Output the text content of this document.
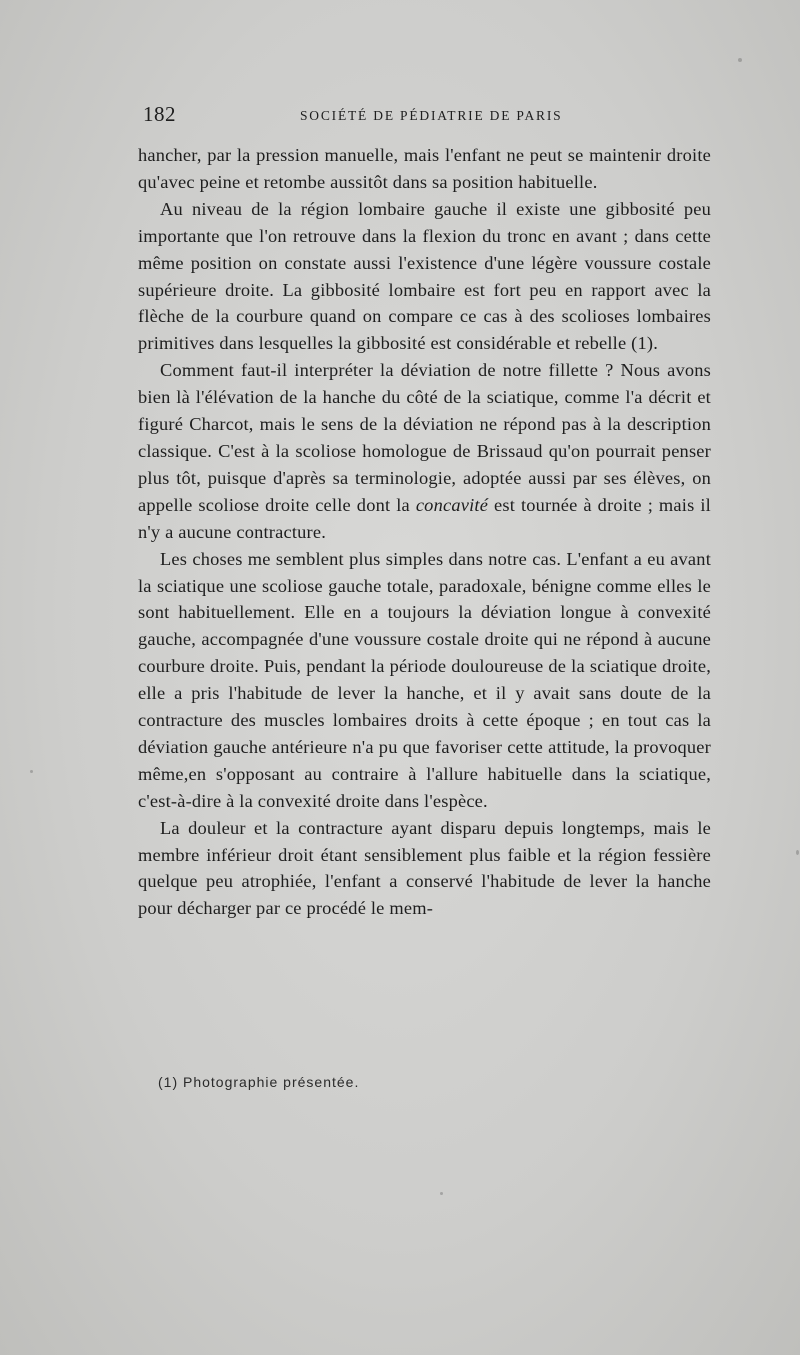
182	SOCIÉTÉ DE PÉDIATRIE DE PARIS

hancher, par la pression manuelle, mais l'enfant ne peut se maintenir droite qu'avec peine et retombe aussitôt dans sa position habituelle.

Au niveau de la région lombaire gauche il existe une gibbosité peu importante que l'on retrouve dans la flexion du tronc en avant ; dans cette même position on constate aussi l'existence d'une légère voussure costale supérieure droite. La gibbosité lombaire est fort peu en rapport avec la flèche de la courbure quand on compare ce cas à des scolioses lombaires primitives dans lesquelles la gibbosité est considérable et rebelle (1).

Comment faut-il interpréter la déviation de notre fillette ? Nous avons bien là l'élévation de la hanche du côté de la sciatique, comme l'a décrit et figuré Charcot, mais le sens de la déviation ne répond pas à la description classique. C'est à la scoliose homologue de Brissaud qu'on pourrait penser plus tôt, puisque d'après sa terminologie, adoptée aussi par ses élèves, on appelle scoliose droite celle dont la concavité est tournée à droite ; mais il n'y a aucune contracture.

Les choses me semblent plus simples dans notre cas. L'enfant a eu avant la sciatique une scoliose gauche totale, paradoxale, bénigne comme elles le sont habituellement. Elle en a toujours la déviation longue à convexité gauche, accompagnée d'une voussure costale droite qui ne répond à aucune courbure droite. Puis, pendant la période douloureuse de la sciatique droite, elle a pris l'habitude de lever la hanche, et il y avait sans doute de la contracture des muscles lombaires droits à cette époque ; en tout cas la déviation gauche antérieure n'a pu que favoriser cette attitude, la provoquer même,en s'opposant au contraire à l'allure habituelle dans la sciatique, c'est-à-dire à la convexité droite dans l'espèce.

La douleur et la contracture ayant disparu depuis longtemps, mais le membre inférieur droit étant sensiblement plus faible et la région fessière quelque peu atrophiée, l'enfant a conservé l'habitude de lever la hanche pour décharger par ce procédé le mem-

(1) Photographie présentée.
